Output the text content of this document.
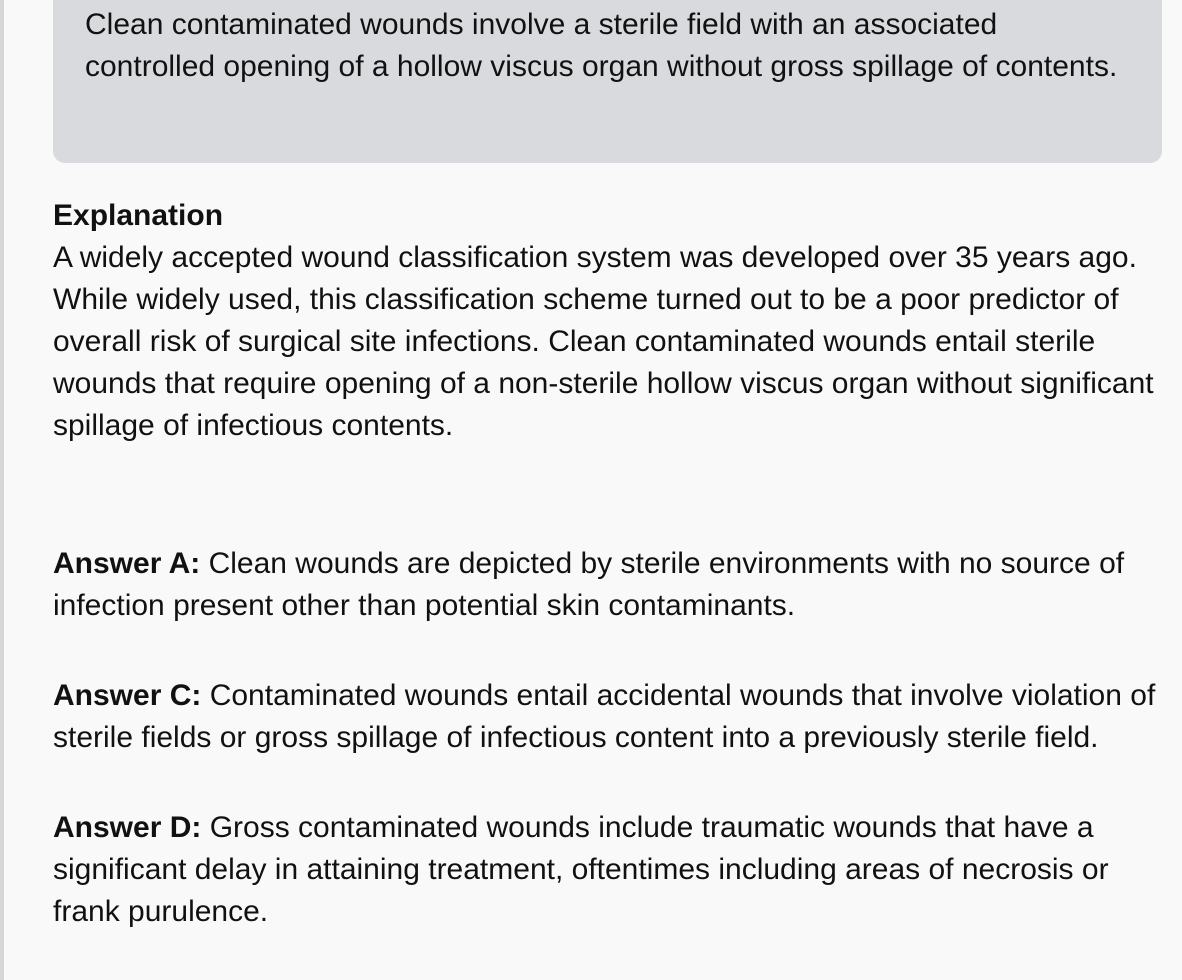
Clean contaminated wounds involve a sterile field with an associated controlled opening of a hollow viscus organ without gross spillage of contents.

Explanation

A widely accepted wound classification system was developed over 35 years ago.  While widely used, this classification scheme turned out to be a poor predictor of overall risk of surgical site infections. Clean contaminated wounds entail sterile wounds that require opening of a non-sterile hollow viscus organ without significant spillage of infectious contents.

Answer A: Clean wounds are depicted by sterile environments with no source of infection present other than potential skin contaminants.

Answer C: Contaminated wounds entail accidental wounds that involve violation of sterile fields or gross spillage of infectious content into a previously sterile field.

Answer D: Gross contaminated wounds include traumatic wounds that have a significant delay in attaining treatment, oftentimes including areas of necrosis or frank purulence.
